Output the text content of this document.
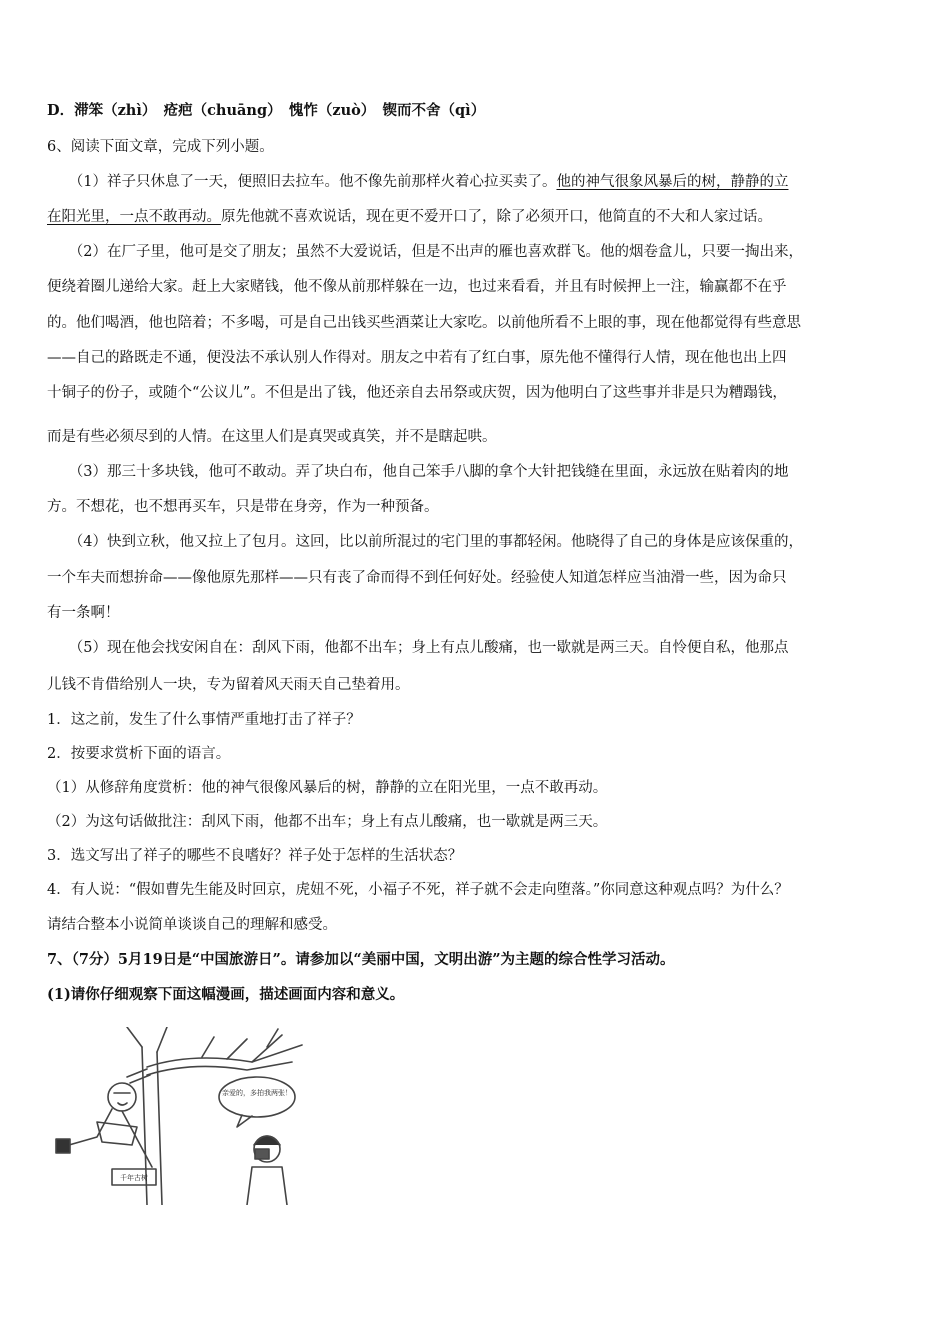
D．滞笨（zhì）　疮疤（chuāng）　愧怍（zuò）　锲而不舍（qì）
6、阅读下面文章，完成下列小题。
　　（1）祥子只休息了一天，便照旧去拉车。他不像先前那样火着心拉买卖了。他的神气很象风暴后的树，静静的立
在阳光里，一点不敢再动。原先他就不喜欢说话，现在更不爱开口了，除了必须开口，他简直的不大和人家过话。
　　（2）在厂子里，他可是交了朋友；虽然不大爱说话，但是不出声的雁也喜欢群飞。他的烟卷盒儿，只要一掏出来，
便绕着圈儿递给大家。赶上大家赌钱，他不像从前那样躲在一边，也过来看看，并且有时候押上一注，输赢都不在乎
的。他们喝酒，他也陪着；不多喝，可是自己出钱买些酒菜让大家吃。以前他所看不上眼的事，现在他都觉得有些意思
——自己的路既走不通，便没法不承认别人作得对。朋友之中若有了红白事，原先他不懂得行人情，现在他也出上四
十铜子的份子，或随个“公议儿”。不但是出了钱，他还亲自去吊祭或庆贺，因为他明白了这些事并非是只为糟蹋钱，
而是有些必须尽到的人情。在这里人们是真哭或真笑，并不是瞎起哄。
　　（3）那三十多块钱，他可不敢动。弄了块白布，他自己笨手八脚的拿个大针把钱缝在里面，永远放在贴着肉的地
方。不想花，也不想再买车，只是带在身旁，作为一种预备。
　　（4）快到立秋，他又拉上了包月。这回，比以前所混过的宅门里的事都轻闲。他晓得了自己的身体是应该保重的，
一个车夫而想拚命——像他原先那样——只有丧了命而得不到任何好处。经验使人知道怎样应当油滑一些，因为命只
有一条啊！
　　（5）现在他会找安闲自在：刮风下雨，他都不出车；身上有点儿酸痛，也一歇就是两三天。自怜便自私，他那点
儿钱不肯借给别人一块，专为留着风天雨天自己垫着用。
1．这之前，发生了什么事情严重地打击了祥子？
2．按要求赏析下面的语言。
（1）从修辞角度赏析：他的神气很像风暴后的树，静静的立在阳光里，一点不敢再动。
（2）为这句话做批注：刮风下雨，他都不出车；身上有点儿酸痛，也一歇就是两三天。
3．选文写出了祥子的哪些不良嗜好？祥子处于怎样的生活状态？
4．有人说：“假如曹先生能及时回京，虎妞不死，小福子不死，祥子就不会走向堕落。”你同意这种观点吗？为什么？
请结合整本小说简单谈谈自己的理解和感受。
7、（7分）5月19日是“中国旅游日”。请参加以“美丽中国，文明出游”为主题的综合性学习活动。
(1)请你仔细观察下面这幅漫画，描述画面内容和意义。
亲爱的，多拍我两张！
千年古树
